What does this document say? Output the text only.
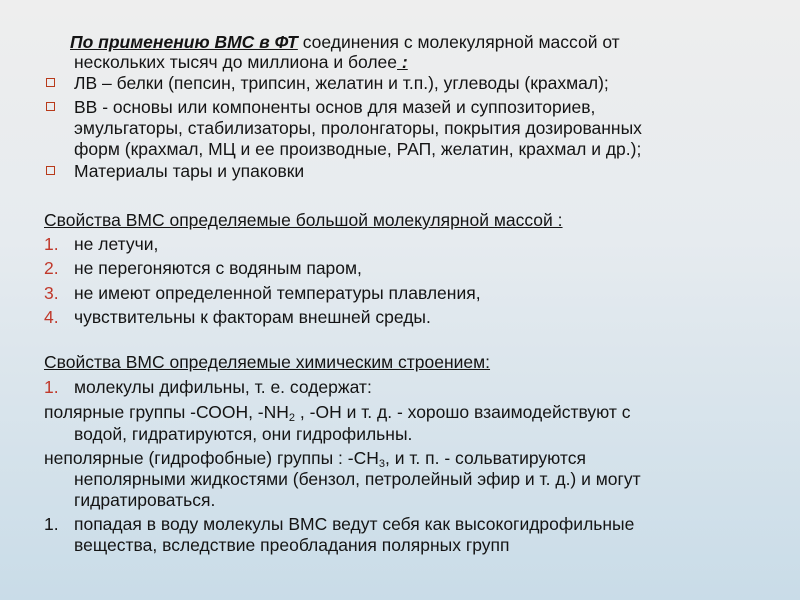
По применению ВМС в ФТ соединения с молекулярной массой от
нескольких тысяч до миллиона и более :
ЛВ – белки (пепсин, трипсин, желатин и т.п.), углеводы (крахмал);
ВВ - основы или компоненты основ для мазей и суппозиториев,
эмульгаторы, стабилизаторы, пролонгаторы, покрытия дозированных
форм (крахмал, МЦ и ее производные, РАП, желатин, крахмал и др.);
Материалы тары и упаковки
Свойства ВМС определяемые большой молекулярной массой :
1. не летучи,
2. не перегоняются с водяным паром,
3. не имеют определенной температуры плавления,
4. чувствительны к факторам внешней среды.
Свойства ВМС определяемые химическим строением:
1. молекулы дифильны, т. е. содержат:
полярные группы -СООН, $-NH_2$ , -ОН и т. д. - хорошо взаимодействуют с
водой, гидратируются, они гидрофильны.
неполярные (гидрофобные) группы : $-СН_3$, и т. п. - сольватируются
неполярными жидкостями (бензол, петролейный эфир и т. д.) и могут
гидратироваться.
1. попадая в воду молекулы ВМС ведут себя как высокогидрофильные
вещества, вследствие преобладания полярных групп
